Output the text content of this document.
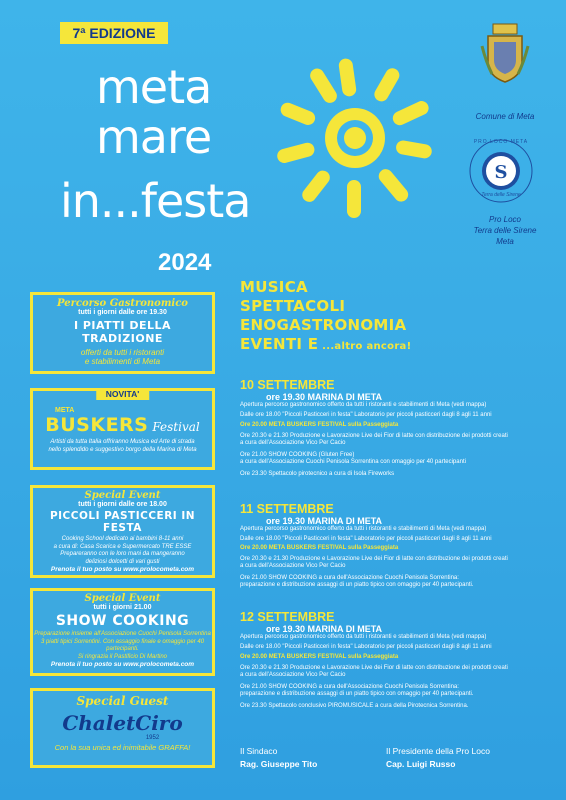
7ª EDIZIONE
meta
mare
in...festa
2024
Comune di Meta
S
PRO LOCO META
Terra delle Sirene
Pro Loco
Terra delle Sirene
Meta
Percorso Gastronomico
tutti i giorni dalle ore 19.30
I PIATTI DELLA TRADIZIONE
offerti da tutti i ristoranti
e stabilimenti di Meta
NOVITA'
META
BUSKERS Festival
Artisti da tutta Italia offriranno Musica ed Arte di strada
nello splendido e suggestivo borgo della Marina di Meta
Special Event
tutti i giorni dalle ore 18.00
PICCOLI PASTICCERI IN FESTA
Cooking School dedicato ai bambini 8-11 anni
a cura di: Casa Scarica e Supermercato TRE ESSE
Prepareranno con le loro mani da mangeranno
deliziosi dolcetti di vari gusti
Prenota il tuo posto su www.prolocometa.com
Special Event
tutti i giorni 21.00
SHOW COOKING
Preparazione insieme all'Associazione Cuochi Penisola Sorrentina
3 piatti tipici Sorrentini. Con assaggio finale e omaggio per 40 partecipanti.
Si ringrazia il Pastificio Di Martino
Prenota il tuo posto su www.prolocometa.com
Special Guest
ChaletCiro
1952
Con la sua unica ed inimitabile GRAFFA!
MUSICA
SPETTACOLI
ENOGASTRONOMIA
EVENTI E ...altro ancora!
10 SETTEMBRE
ore 19.30 MARINA DI META
Apertura percorso gastronomico offerto da tutti i ristoranti e stabilimenti di Meta (vedi mappa)
Dalle ore 18.00 "Piccoli Pasticceri in festa" Laboratorio per piccoli pasticceri dagli 8 agli 11 anni
Ore 20.00 META BUSKERS FESTIVAL sulla Passeggiata
Ore 20.30 e 21.30 Produzione e Lavorazione Live dei Fior di latte con distribuzione dei prodotti creati
a cura dell'Associazione Vico Per Cacio
Ore 21.00 SHOW COOKING (Gluten Free)
a cura dell'Associazione Cuochi Penisola Sorrentina con omaggio per 40 partecipanti
Ore 23.30 Spettacolo pirotecnico a cura di Isola Fireworks
11 SETTEMBRE
ore 19.30 MARINA DI META
Apertura percorso gastronomico offerto da tutti i ristoranti e stabilimenti di Meta (vedi mappa)
Dalle ore 18.00 "Piccoli Pasticceri in festa" Laboratorio per piccoli pasticceri dagli 8 agli 11 anni
Ore 20.00 META BUSKERS FESTIVAL sulla Passeggiata
Ore 20.30 e 21.30 Produzione e Lavorazione Live dei Fior di latte con distribuzione dei prodotti creati
a cura dell'Associazione Vico Per Cacio
Ore 21.00 SHOW COOKING a cura dell'Associazione Cuochi Penisola Sorrentina:
preparazione e distribuzione assaggi di un piatto tipico con omaggio per 40 partecipanti.
12 SETTEMBRE
ore 19.30 MARINA DI META
Apertura percorso gastronomico offerto da tutti i ristoranti e stabilimenti di Meta (vedi mappa)
Dalle ore 18.00 "Piccoli Pasticceri in festa" Laboratorio per piccoli pasticceri dagli 8 agli 11 anni
Ore 20.00 META BUSKERS FESTIVAL sulla Passeggiata
Ore 20.30 e 21.30 Produzione e Lavorazione Live dei Fior di latte con distribuzione dei prodotti creati
a cura dell'Associazione Vico Per Cacio
Ore 21.00 SHOW COOKING a cura dell'Associazione Cuochi Penisola Sorrentina:
preparazione e distribuzione assaggi di un piatto tipico con omaggio per 40 partecipanti.
Ore 23.30 Spettacolo conclusivo PIROMUSICALE a cura della Pirotecnica Sorrentina.
Il Sindaco
Rag. Giuseppe Tito
Il Presidente della Pro Loco
Cap. Luigi Russo
